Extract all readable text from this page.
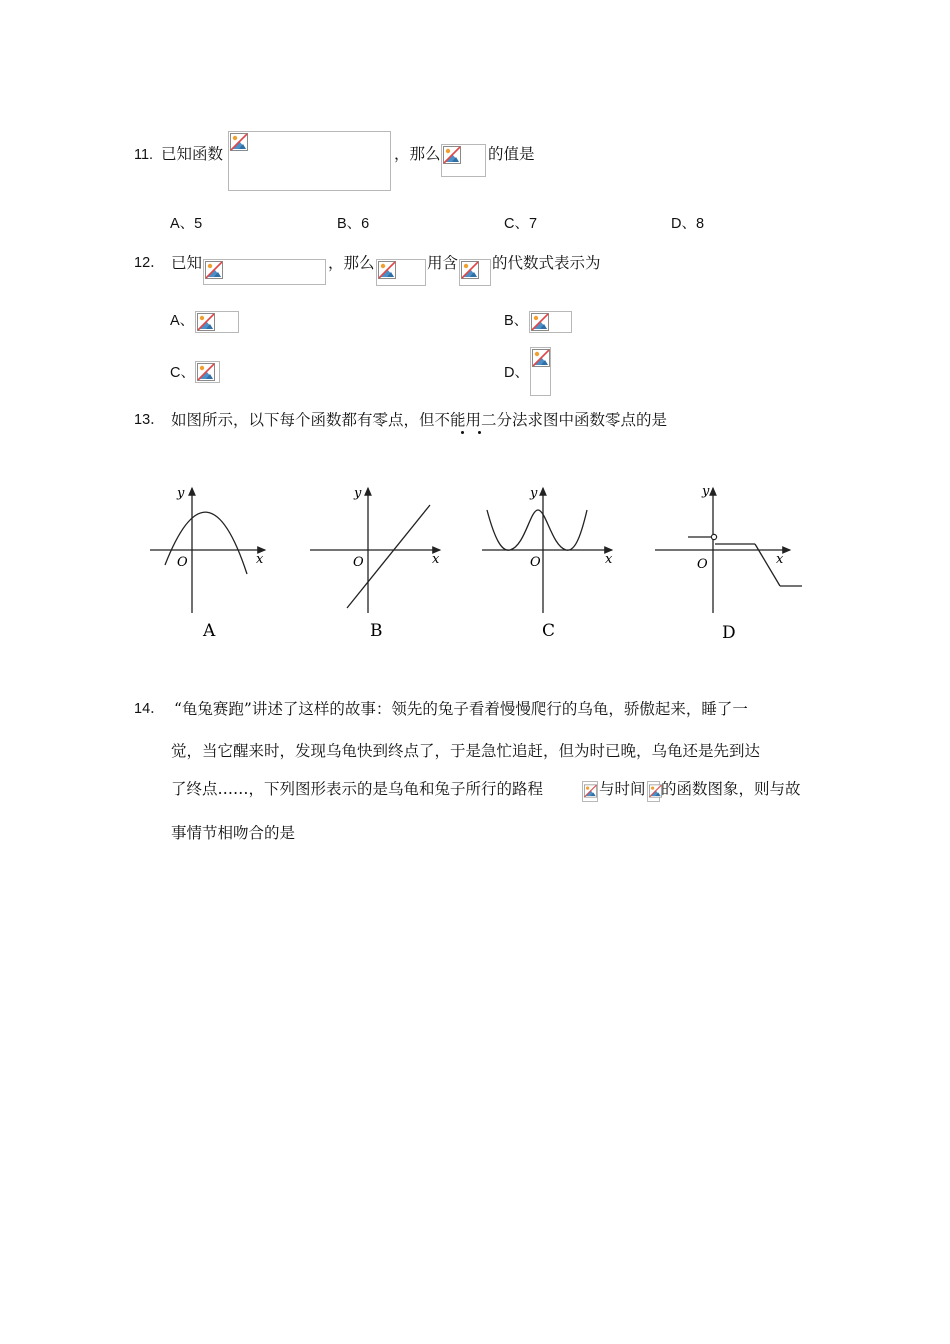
11. 已知函数	，那么	的值是
A、5	B、6	C、7	D、8
12． 已知	，那么	用含 的代数式表示为
A、	B、
C、	D、
13． 如图所示，以下每个函数都有零点，但不能用二分法求图中函数零点的是
y
x
O
A
y
x
O
B
y
x
O
C
y
x
O
D
14． “龟兔赛跑”讲述了这样的故事：领先的兔子看着慢慢爬行的乌龟，骄傲起来，睡了一
觉，当它醒来时，发现乌龟快到终点了，于是急忙追赶，但为时已晚，乌龟还是先到达
了终点……，下列图形表示的是乌龟和兔子所行的路程	与时间 的函数图象，则与故
事情节相吻合的是
